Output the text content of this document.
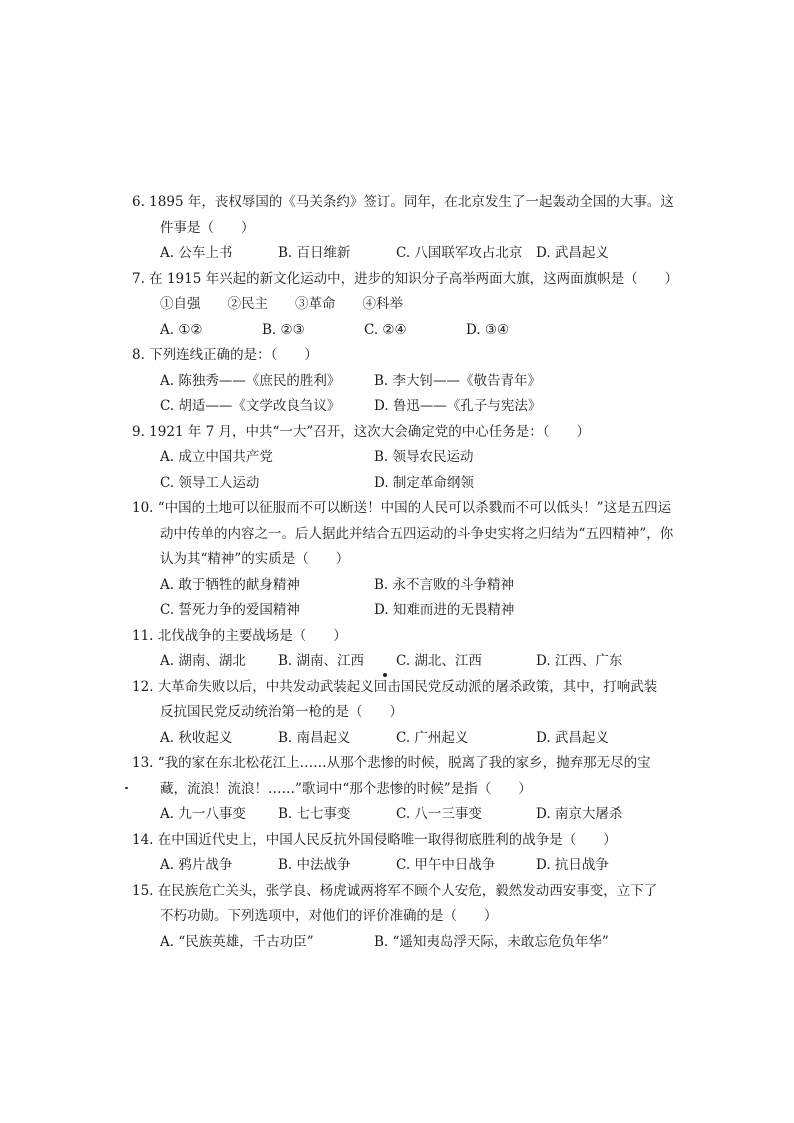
6. 1895 年，丧权辱国的《马关条约》签订。同年，在北京发生了一起轰动全国的大事。这
件事是（　　）

A. 公车上书	B. 百日维新	C. 八国联军攻占北京	D. 武昌起义

7. 在 1915 年兴起的新文化运动中，进步的知识分子高举两面大旗，这两面旗帜是（　　）

①自强　　②民主　　③革命　　④科举

A. ①②	B. ②③	C. ②④	D. ③④

8. 下列连线正确的是：（　　）

A. 陈独秀——《庶民的胜利》	B. 李大钊——《敬告青年》
C. 胡适——《文学改良刍议》	D. 鲁迅——《孔子与宪法》

9. 1921 年 7 月，中共“一大”召开，这次大会确定党的中心任务是：（　　）

A. 成立中国共产党	B. 领导农民运动
C. 领导工人运动	D. 制定革命纲领

10. “中国的土地可以征服而不可以断送！中国的人民可以杀戮而不可以低头！”这是五四运
动中传单的内容之一。后人据此并结合五四运动的斗争史实将之归结为“五四精神”，你
认为其“精神”的实质是（　　）

A. 敢于牺牲的献身精神	B. 永不言败的斗争精神
C. 誓死力争的爱国精神	D. 知难而进的无畏精神

11. 北伐战争的主要战场是（　　）

A. 湖南、湖北	B. 湖南、江西	C. 湖北、江西	D. 江西、广东

12. 大革命失败以后，中共发动武装起义回击国民党反动派的屠杀政策，其中，打响武装
反抗国民党反动统治第一枪的是（　　）

A. 秋收起义	B. 南昌起义	C. 广州起义	D. 武昌起义

13. “我的家在东北松花江上……从那个悲惨的时候，脱离了我的家乡，抛弃那无尽的宝
藏，流浪！流浪！……”歌词中“那个悲惨的时候”是指（　　）

A. 九一八事变	B. 七七事变	C. 八一三事变	D. 南京大屠杀

14. 在中国近代史上，中国人民反抗外国侵略唯一取得彻底胜利的战争是（　　）

A. 鸦片战争	B. 中法战争	C. 甲午中日战争	D. 抗日战争

15. 在民族危亡关头，张学良、杨虎诚两将军不顾个人安危，毅然发动西安事变，立下了
不朽功勋。下列选项中，对他们的评价准确的是（　　）

A. “民族英雄，千古功臣”	B. “遥知夷岛浮天际，未敢忘危负年华”
